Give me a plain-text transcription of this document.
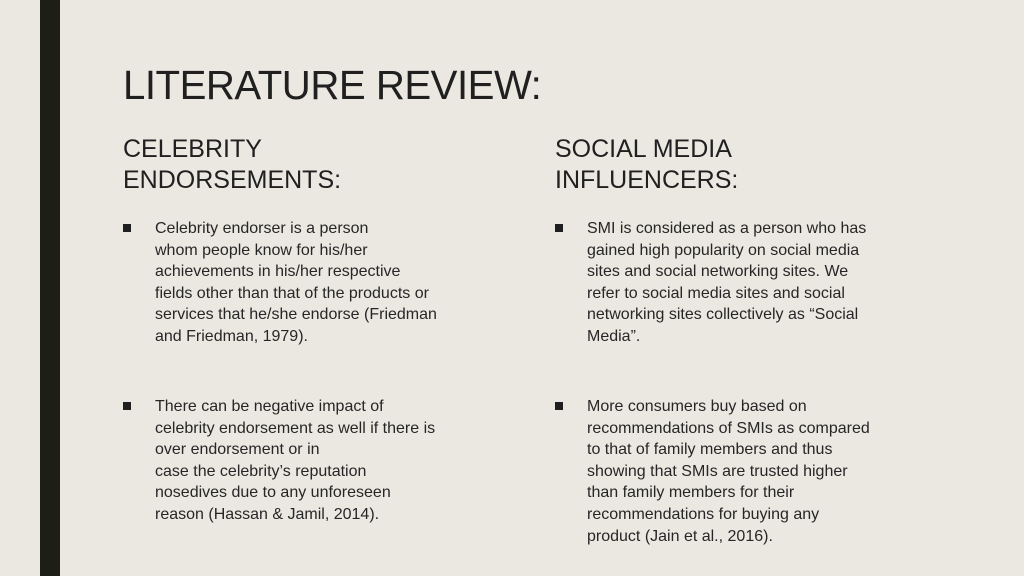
LITERATURE REVIEW:
CELEBRITY
ENDORSEMENTS:
Celebrity endorser is a person
whom people know for his/her
achievements in his/her respective
fields other than that of the products or
services that he/she endorse (Friedman
and Friedman, 1979).
There can be negative impact of
celebrity endorsement as well if there is
over endorsement or in
case the celebrity’s reputation
nosedives due to any unforeseen
reason (Hassan & Jamil, 2014).
SOCIAL MEDIA
INFLUENCERS:
SMI is considered as a person who has
gained high popularity on social media
sites and social networking sites. We
refer to social media sites and social
networking sites collectively as “Social
Media”.
More consumers buy based on
recommendations of SMIs as compared
to that of family members and thus
showing that SMIs are trusted higher
than family members for their
recommendations for buying any
product (Jain et al., 2016).
